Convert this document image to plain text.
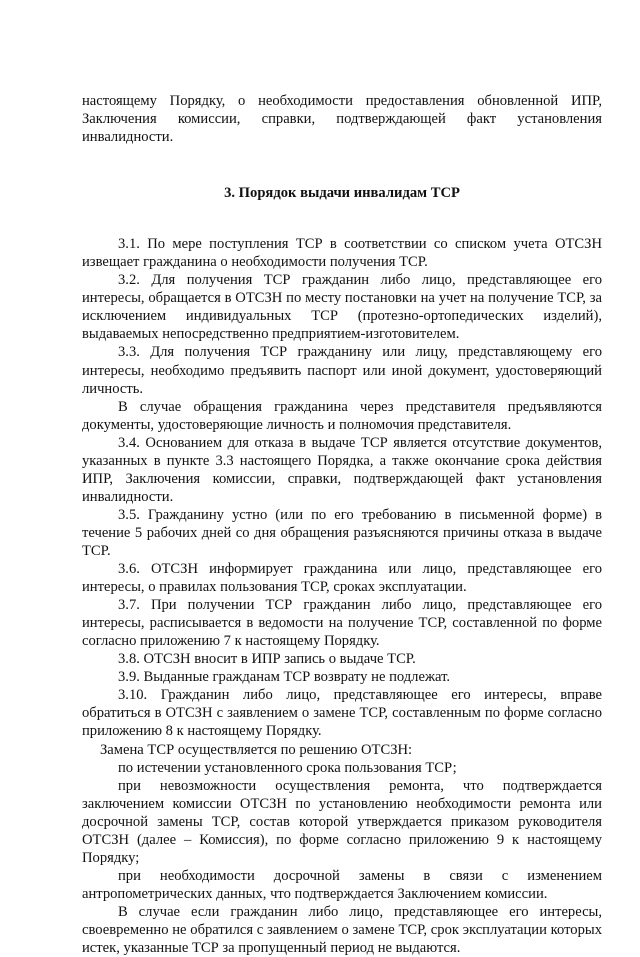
настоящему Порядку, о необходимости предоставления обновленной ИПР, Заключения комиссии, справки, подтверждающей факт установления инвалидности.

3. Порядок выдачи инвалидам ТСР

3.1. По мере поступления ТСР в соответствии со списком учета ОТСЗН извещает гражданина о необходимости получения ТСР.

3.2. Для получения ТСР гражданин либо лицо, представляющее его интересы, обращается в ОТСЗН по месту постановки на учет на получение ТСР, за исключением индивидуальных ТСР (протезно-ортопедических изделий), выдаваемых непосредственно предприятием-изготовителем.

3.3. Для получения ТСР гражданину или лицу, представляющему его интересы, необходимо предъявить паспорт или иной документ, удостоверяющий личность.

В случае обращения гражданина через представителя предъявляются документы, удостоверяющие личность и полномочия представителя.

3.4. Основанием для отказа в выдаче ТСР является отсутствие документов, указанных в пункте 3.3 настоящего Порядка, а также окончание срока действия ИПР, Заключения комиссии, справки, подтверждающей факт установления инвалидности.

3.5. Гражданину устно (или по его требованию в письменной форме) в течение 5 рабочих дней со дня обращения разъясняются причины отказа в выдаче ТСР.

3.6. ОТСЗН информирует гражданина или лицо, представляющее его интересы, о правилах пользования ТСР, сроках эксплуатации.

3.7. При получении ТСР гражданин либо лицо, представляющее его интересы, расписывается в ведомости на получение ТСР, составленной по форме согласно приложению 7 к настоящему Порядку.

3.8. ОТСЗН вносит в ИПР запись о выдаче ТСР.

3.9. Выданные гражданам ТСР возврату не подлежат.

3.10. Гражданин либо лицо, представляющее его интересы, вправе обратиться в ОТСЗН с заявлением о замене ТСР, составленным по форме согласно приложению 8 к настоящему Порядку.

Замена ТСР осуществляется по решению ОТСЗН:

по истечении установленного срока пользования ТСР;

при невозможности осуществления ремонта, что подтверждается заключением комиссии ОТСЗН по установлению необходимости ремонта или досрочной замены ТСР, состав которой утверждается приказом руководителя ОТСЗН (далее – Комиссия), по форме согласно приложению 9 к настоящему Порядку;

при необходимости досрочной замены в связи с изменением антропометрических данных, что подтверждается Заключением комиссии.

В случае если гражданин либо лицо, представляющее его интересы, своевременно не обратился с заявлением о замене ТСР, срок эксплуатации которых истек, указанные ТСР за пропущенный период не выдаются.
